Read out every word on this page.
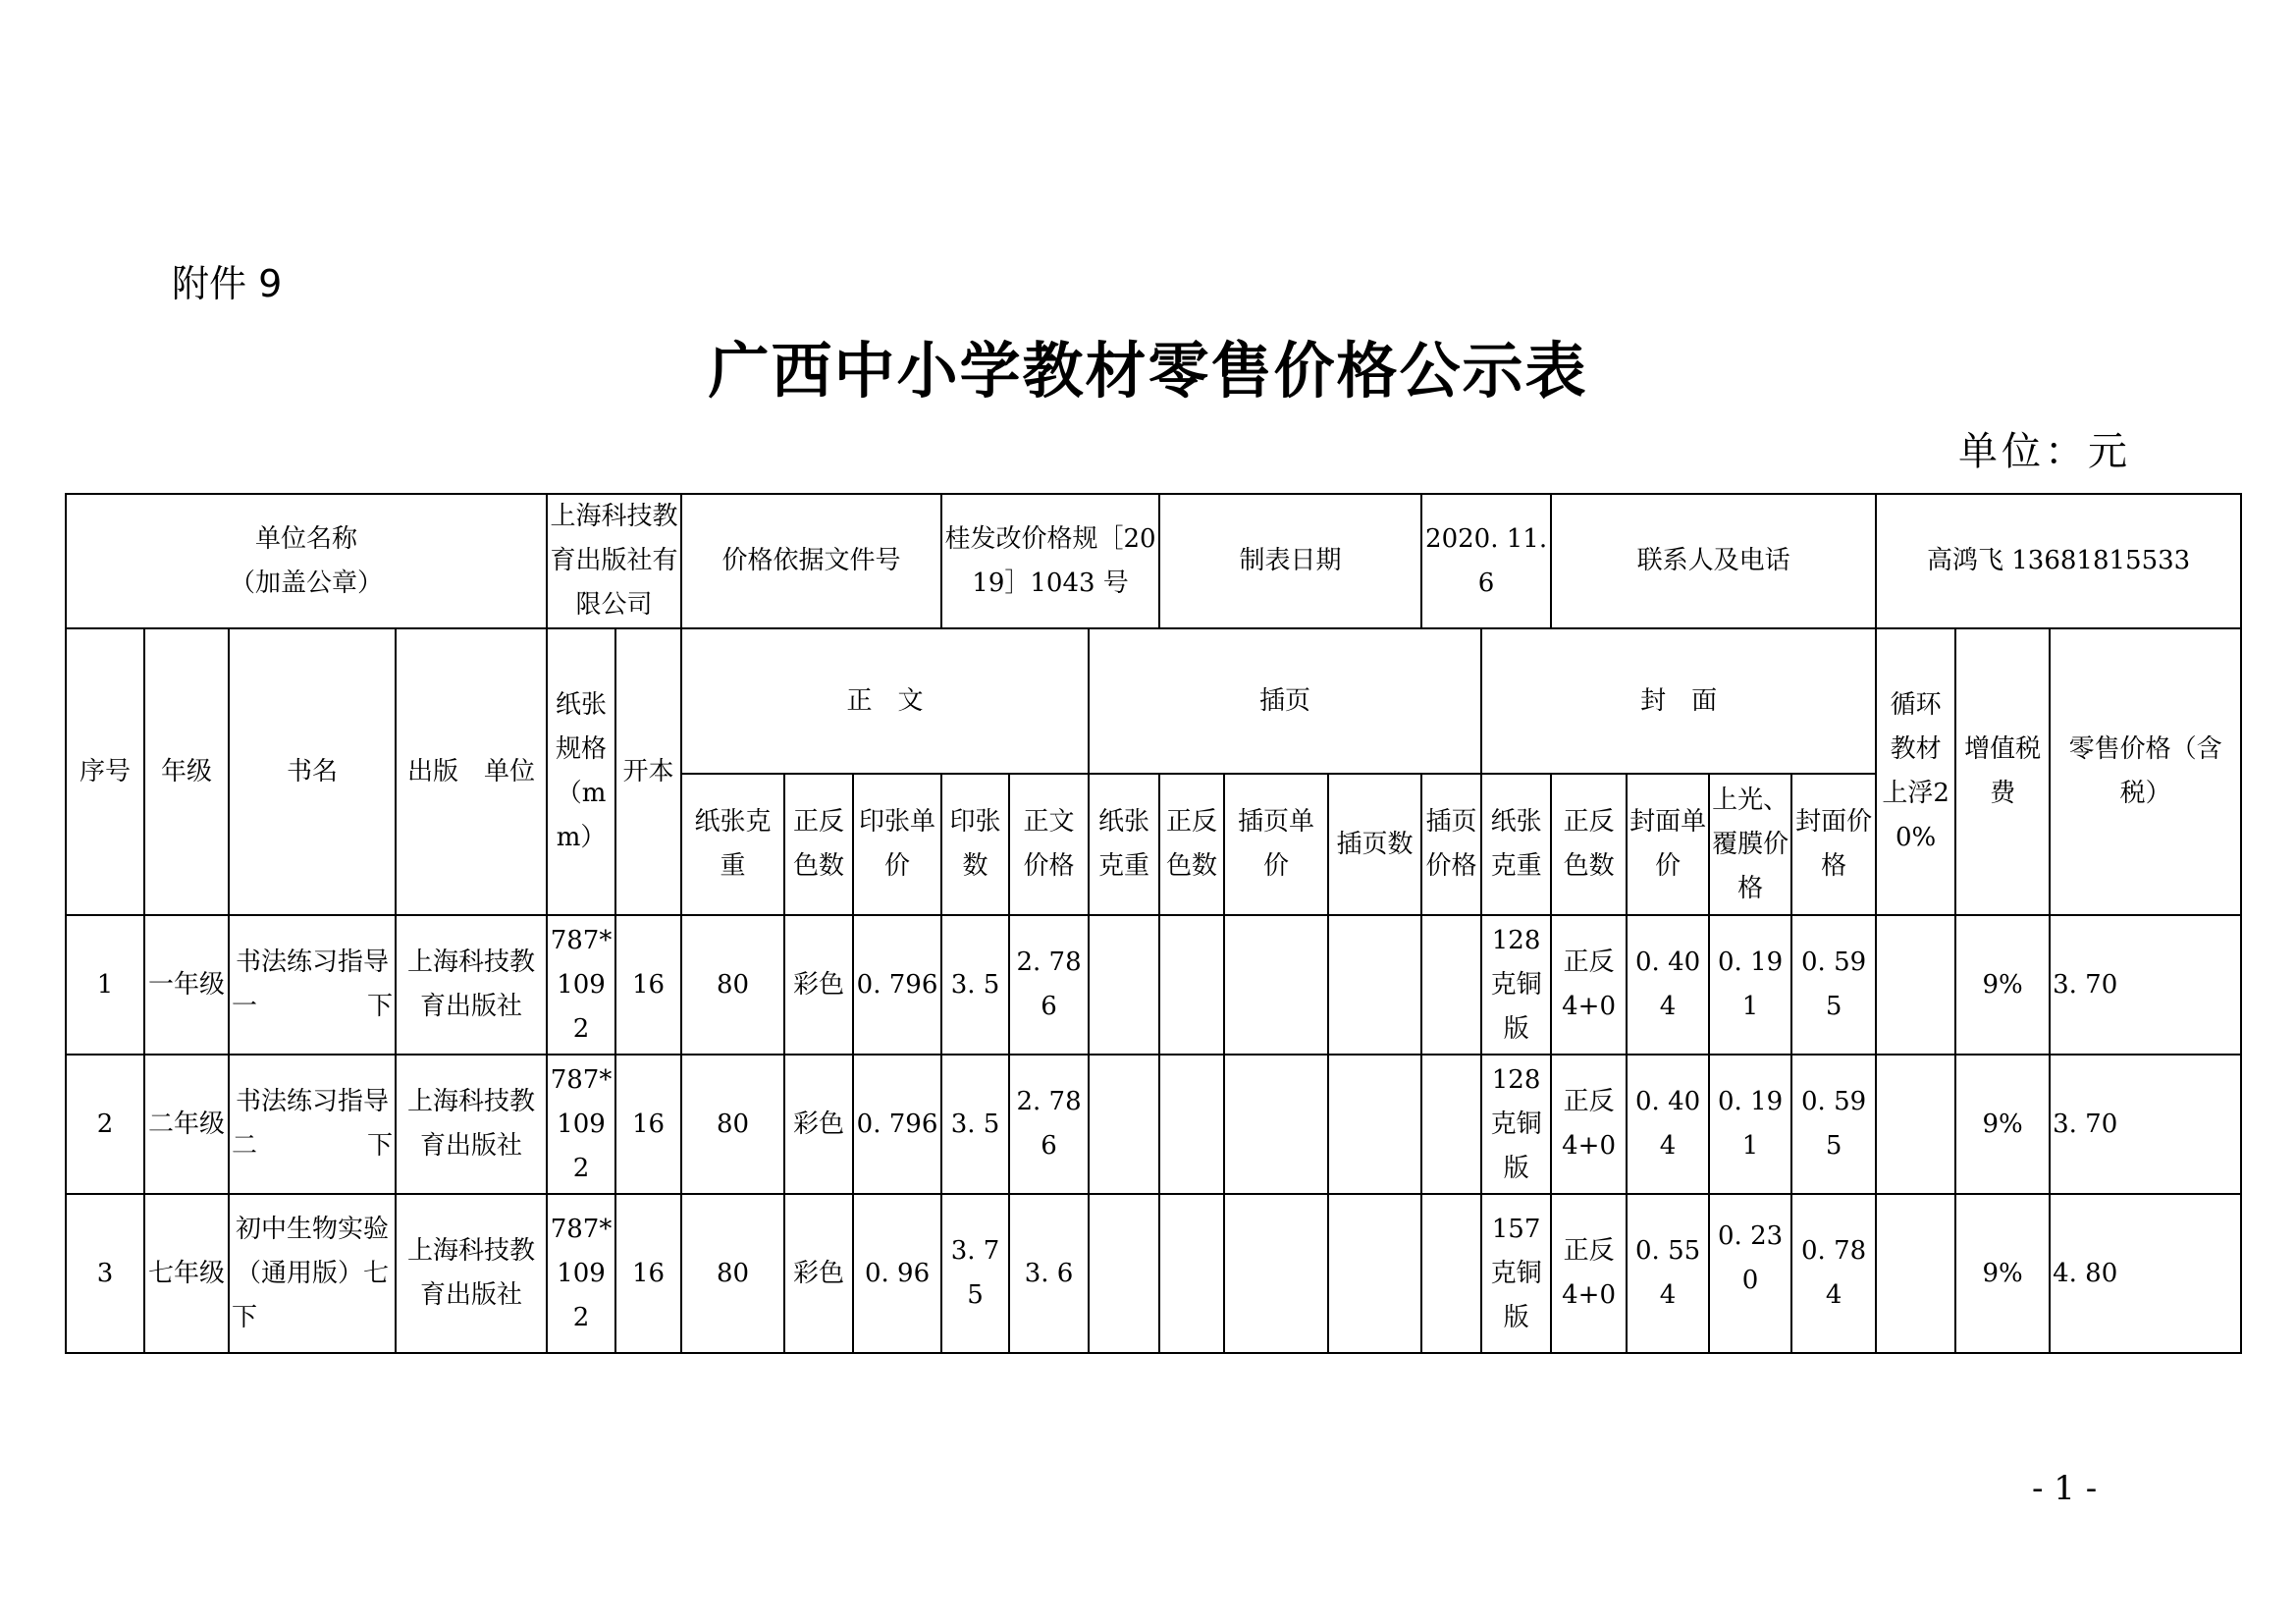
附件 9
广西中小学教材零售价格公示表
单位：元
单位名称
（加盖公章）				上海科技教育出版社有限公司		价格依据文件号			桂发改价格规［2019］1043 号			制表日期			2020. 11. 6		联系人及电话				高鸿飞 13681815533		
序号	年级	书名	出版　单位	纸张规格（mm）	开本	正　文					插页					封　面					循环教材上浮20%	增值税费	零售价格（含税）
						纸张克重	正反色数	印张单价	印张数	正文价格	纸张克重	正反色数	插页单价	插页数	插页价格	纸张克重	正反色数	封面单价	上光、覆膜价格	封面价格			
1	一年级	书法练习指导 一下	上海科技教育出版社	787*1092	16	80	彩色	0. 796	3. 5	2. 786						128 克铜版	正反 4+0	0. 404	0. 191	0. 595		9%	3. 70
2	二年级	书法练习指导 二下	上海科技教育出版社	787*1092	16	80	彩色	0. 796	3. 5	2. 786						128 克铜版	正反 4+0	0. 404	0. 191	0. 595		9%	3. 70
3	七年级	初中生物实验（通用版）七下	上海科技教育出版社	787*1092	16	80	彩色	0. 96	3. 75	3. 6						157 克铜版	正反 4+0	0. 554	0. 230	0. 784		9%	4. 80
- 1 -
